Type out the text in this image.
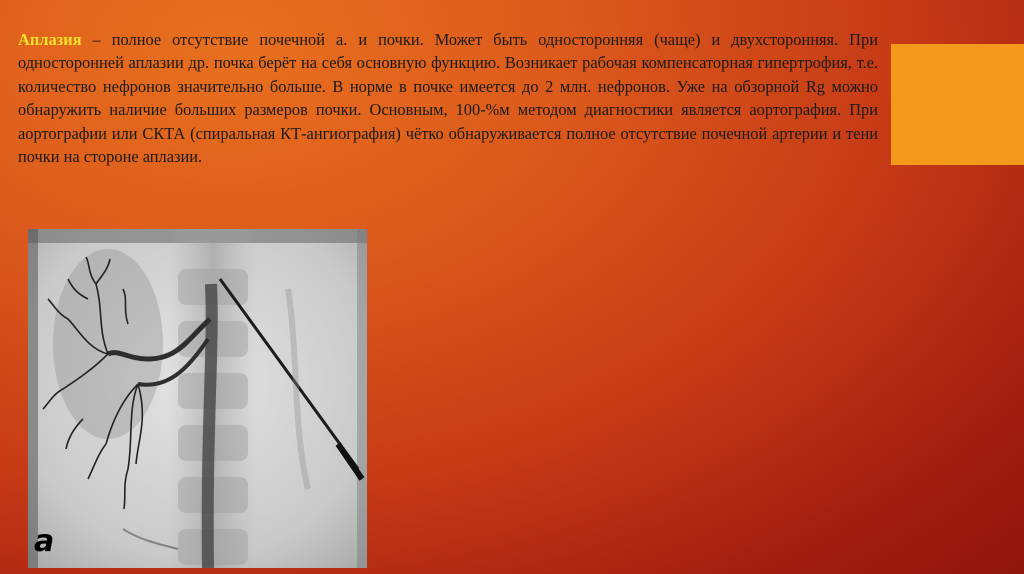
Аплазия – полное отсутствие почечной а. и почки. Может быть односторонняя (чаще) и двухсторонняя. При односторонней аплазии др. почка берёт на себя основную функцию. Возникает рабочая компенсаторная гипертрофия, т.е. количество нефронов значительно больше. В норме в почке имеется до 2 млн. нефронов. Уже на обзорной Rg можно обнаружить наличие больших размеров почки. Основным, 100-%м методом диагностики является аортография. При аортографии или СКТА (спиральная КТ-ангиография) чётко обнаруживается полное отсутствие почечной артерии и тени почки на стороне аплазии.

a
